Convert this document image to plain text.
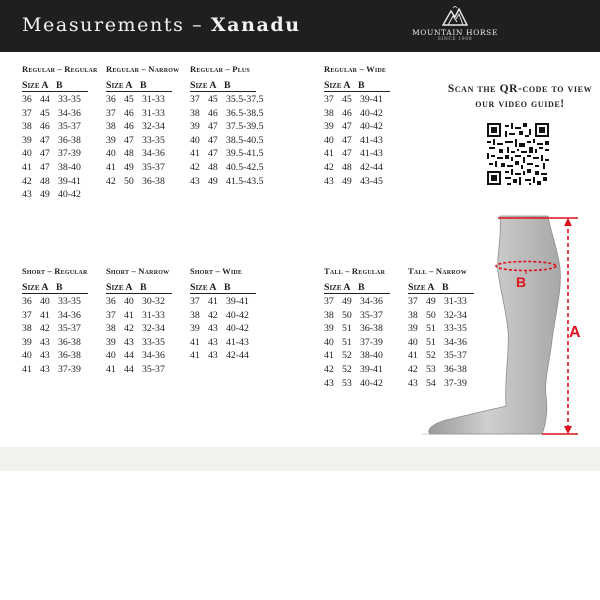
Measurements – Xanadu	MOUNTAIN HORSE
SINCE 1988
Regular – Regular
Size A B
36 44 33-35
37 45 34-36
38 46 35-37
39 47 36-38
40 47 37-39
41 47 38-40
42 48 39-41
43 49 40-42
Regular – Narrow
Size A B
36 45 31-33
37 46 31-33
38 46 32-34
39 47 33-35
40 48 34-36
41 49 35-37
42 50 36-38
Regular – Plus
Size A B
37 45 35.5-37.5
38 46 36.5-38.5
39 47 37.5-39.5
40 47 38.5-40.5
41 47 39.5-41.5
42 48 40.5-42.5
43 49 41.5-43.5
Regular – Wide
Size A B
37 45 39-41
38 46 40-42
39 47 40-42
40 47 41-43
41 47 41-43
42 48 42-44
43 49 43-45
Short – Regular
Size A B
36 40 33-35
37 41 34-36
38 42 35-37
39 43 36-38
40 43 36-38
41 43 37-39
Short – Narrow
Size A B
36 40 30-32
37 41 31-33
38 42 32-34
39 43 33-35
40 44 34-36
41 44 35-37
Short – Wide
Size A B
37 41 39-41
38 42 40-42
39 43 40-42
41 43 41-43
41 43 42-44
Tall – Regular
Size A B
37 49 34-36
38 50 35-37
39 51 36-38
40 51 37-39
41 52 38-40
42 52 39-41
43 53 40-42
Tall – Narrow
Size A B
37 49 31-33
38 50 32-34
39 51 33-35
40 51 34-36
41 52 35-37
42 53 36-38
43 54 37-39
Scan the QR-code to view our video guide!
B
A
